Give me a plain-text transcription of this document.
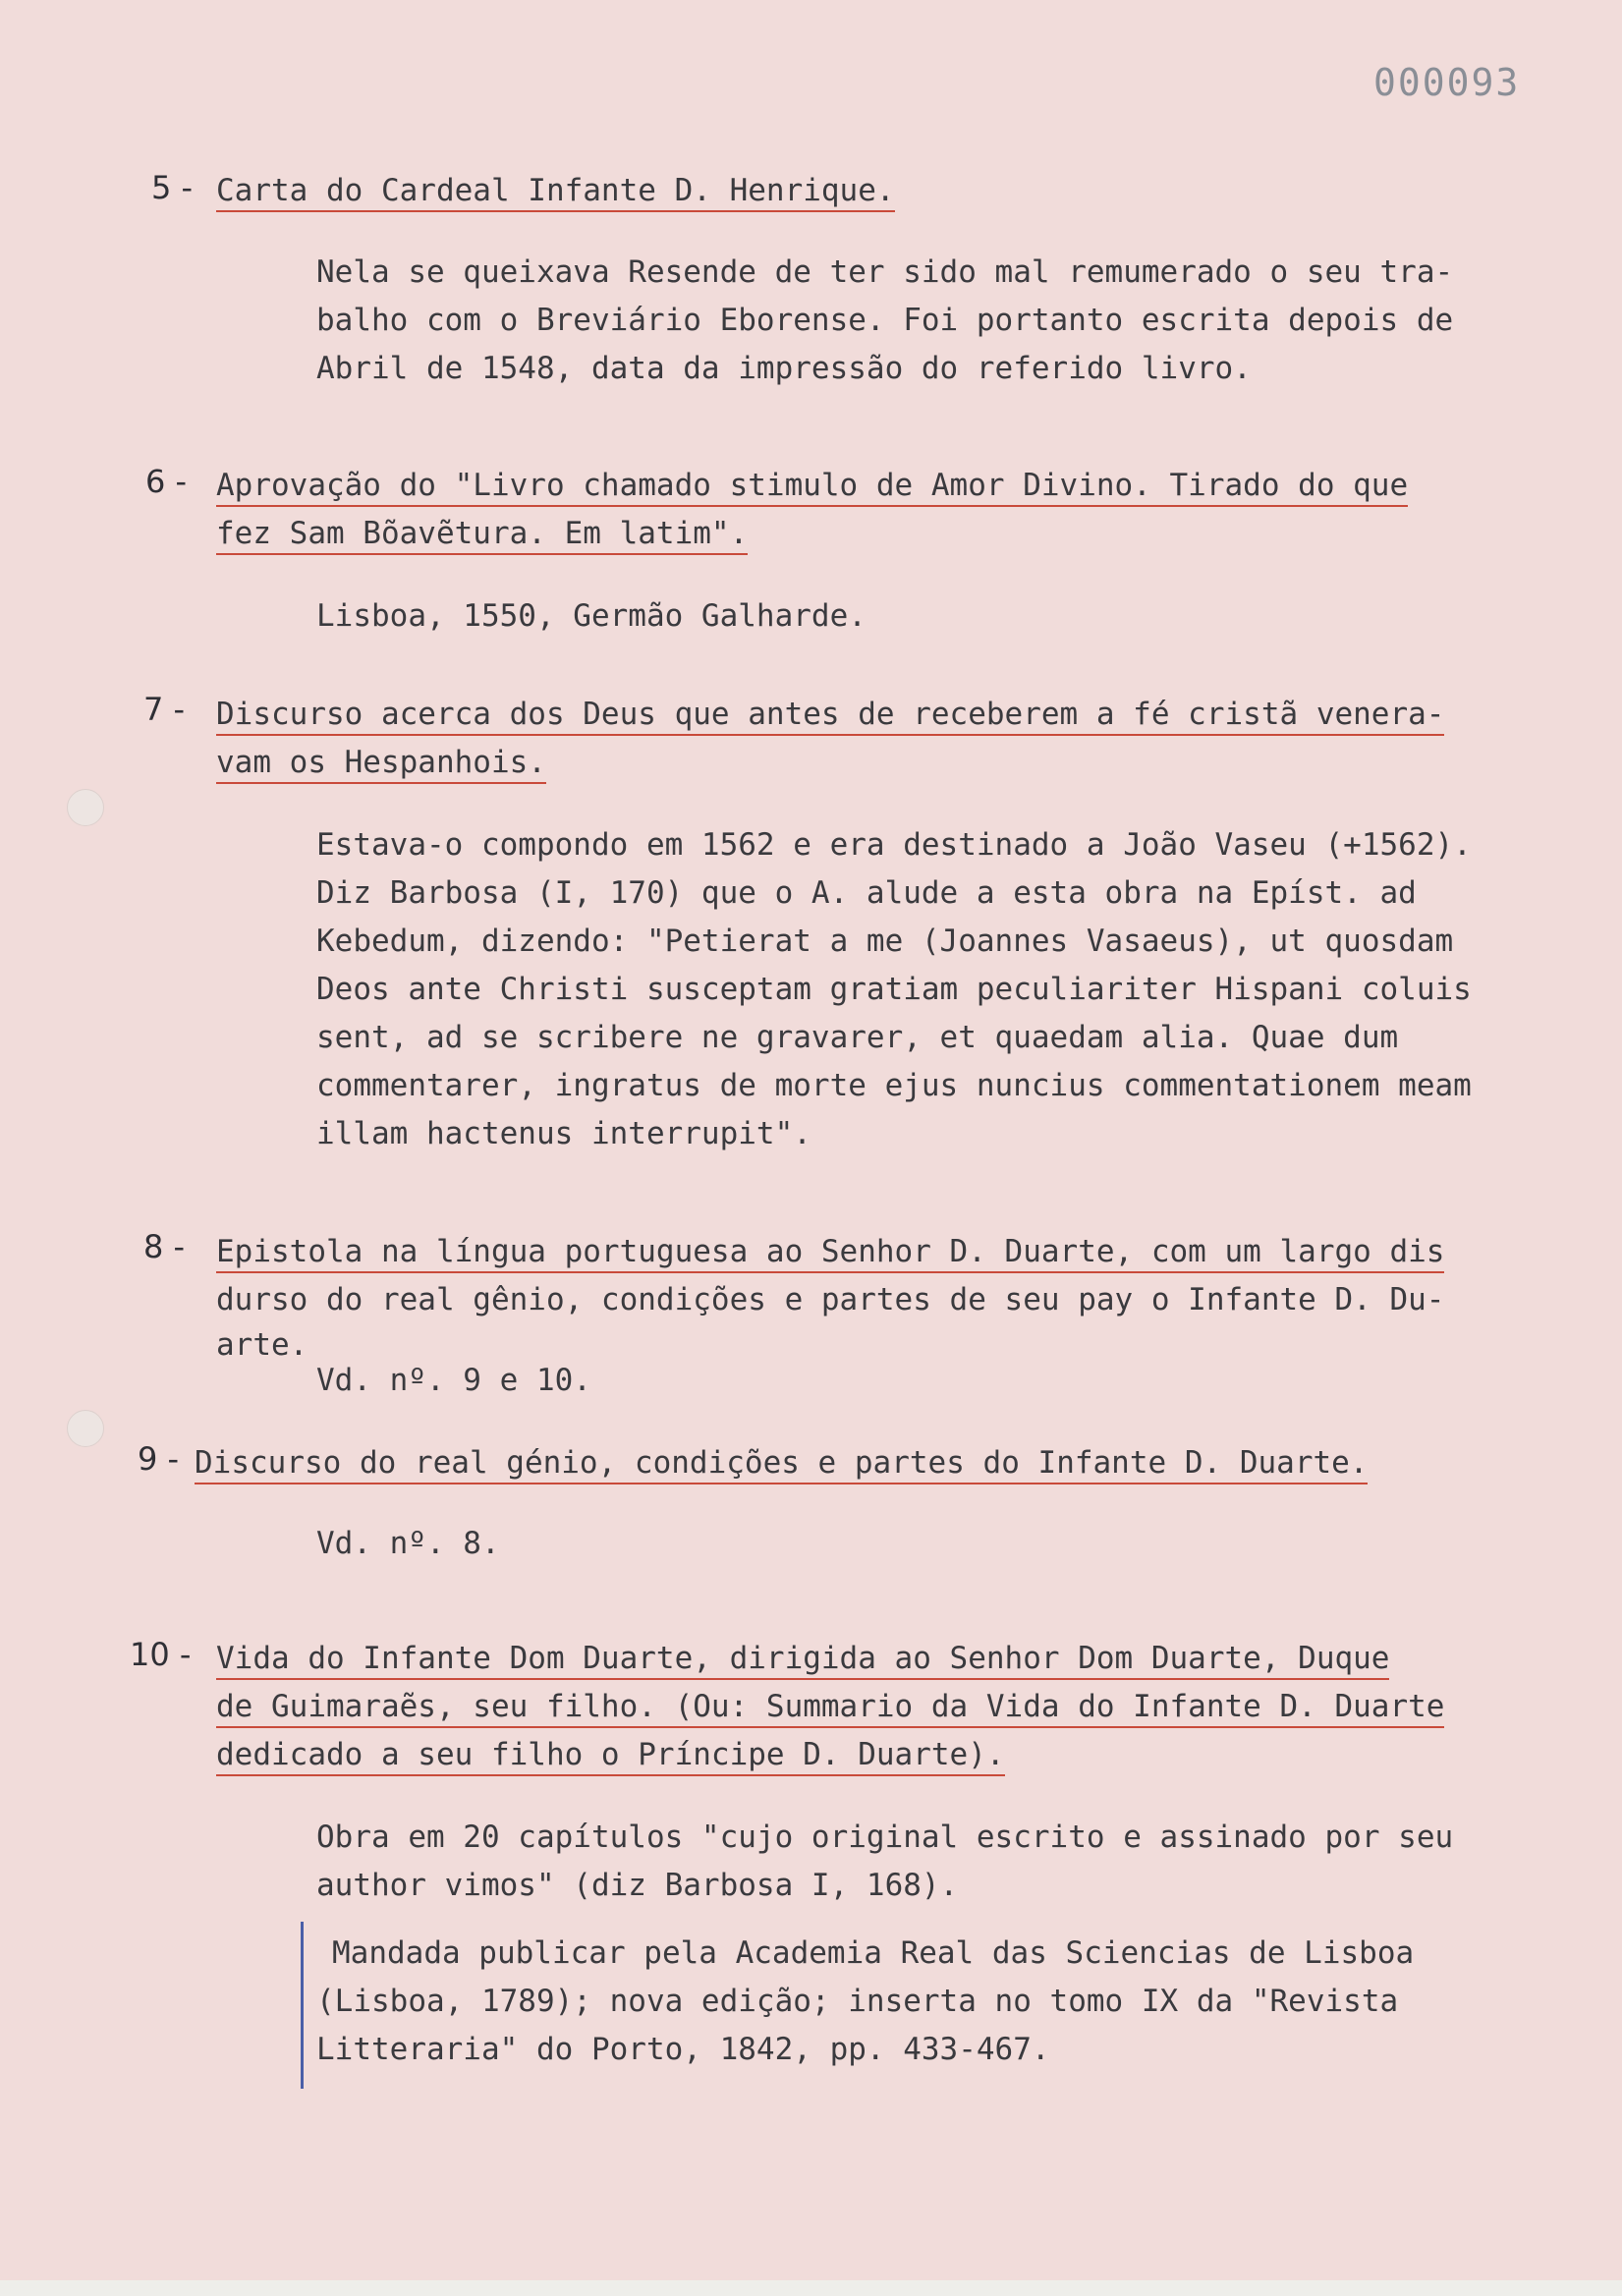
000093
5 - Carta do Cardeal Infante D. Henrique.
Nela se queixava Resende de ter sido mal remumerado o seu tra-
balho com o Breviário Eborense. Foi portanto escrita depois de
Abril de 1548, data da impressão do referido livro.
6 - Aprovação do "Livro chamado stimulo de Amor Divino. Tirado do que
fez Sam Bõavẽtura. Em latim".
Lisboa, 1550, Germão Galharde.
7 - Discurso acerca dos Deus que antes de receberem a fé cristã venera-
vam os Hespanhois.
Estava-o compondo em 1562 e era destinado a João Vaseu (+1562).
Diz Barbosa (I, 170) que o A. alude a esta obra na Epíst. ad
Kebedum, dizendo: "Petierat a me (Joannes Vasaeus), ut quosdam
Deos ante Christi susceptam gratiam peculiariter Hispani coluis
sent, ad se scribere ne gravarer, et quaedam alia. Quae dum
commentarer, ingratus de morte ejus nuncius commentationem meam
illam hactenus interrupit".
8 - Epistola na língua portuguesa ao Senhor D. Duarte, com um largo dis
durso do real gênio, condições e partes de seu pay o Infante D. Du-
arte.
Vd. nº. 9 e 10.
9 - Discurso do real génio, condições e partes do Infante D. Duarte.
Vd. nº. 8.
10 - Vida do Infante Dom Duarte, dirigida ao Senhor Dom Duarte, Duque
de Guimaraẽs, seu filho. (Ou: Summario da Vida do Infante D. Duarte
dedicado a seu filho o Príncipe D. Duarte).
Obra em 20 capítulos "cujo original escrito e assinado por seu
author vimos" (diz Barbosa I, 168).
Mandada publicar pela Academia Real das Sciencias de Lisboa
(Lisboa, 1789); nova edição; inserta no tomo IX da "Revista
Litteraria" do Porto, 1842, pp. 433-467.
